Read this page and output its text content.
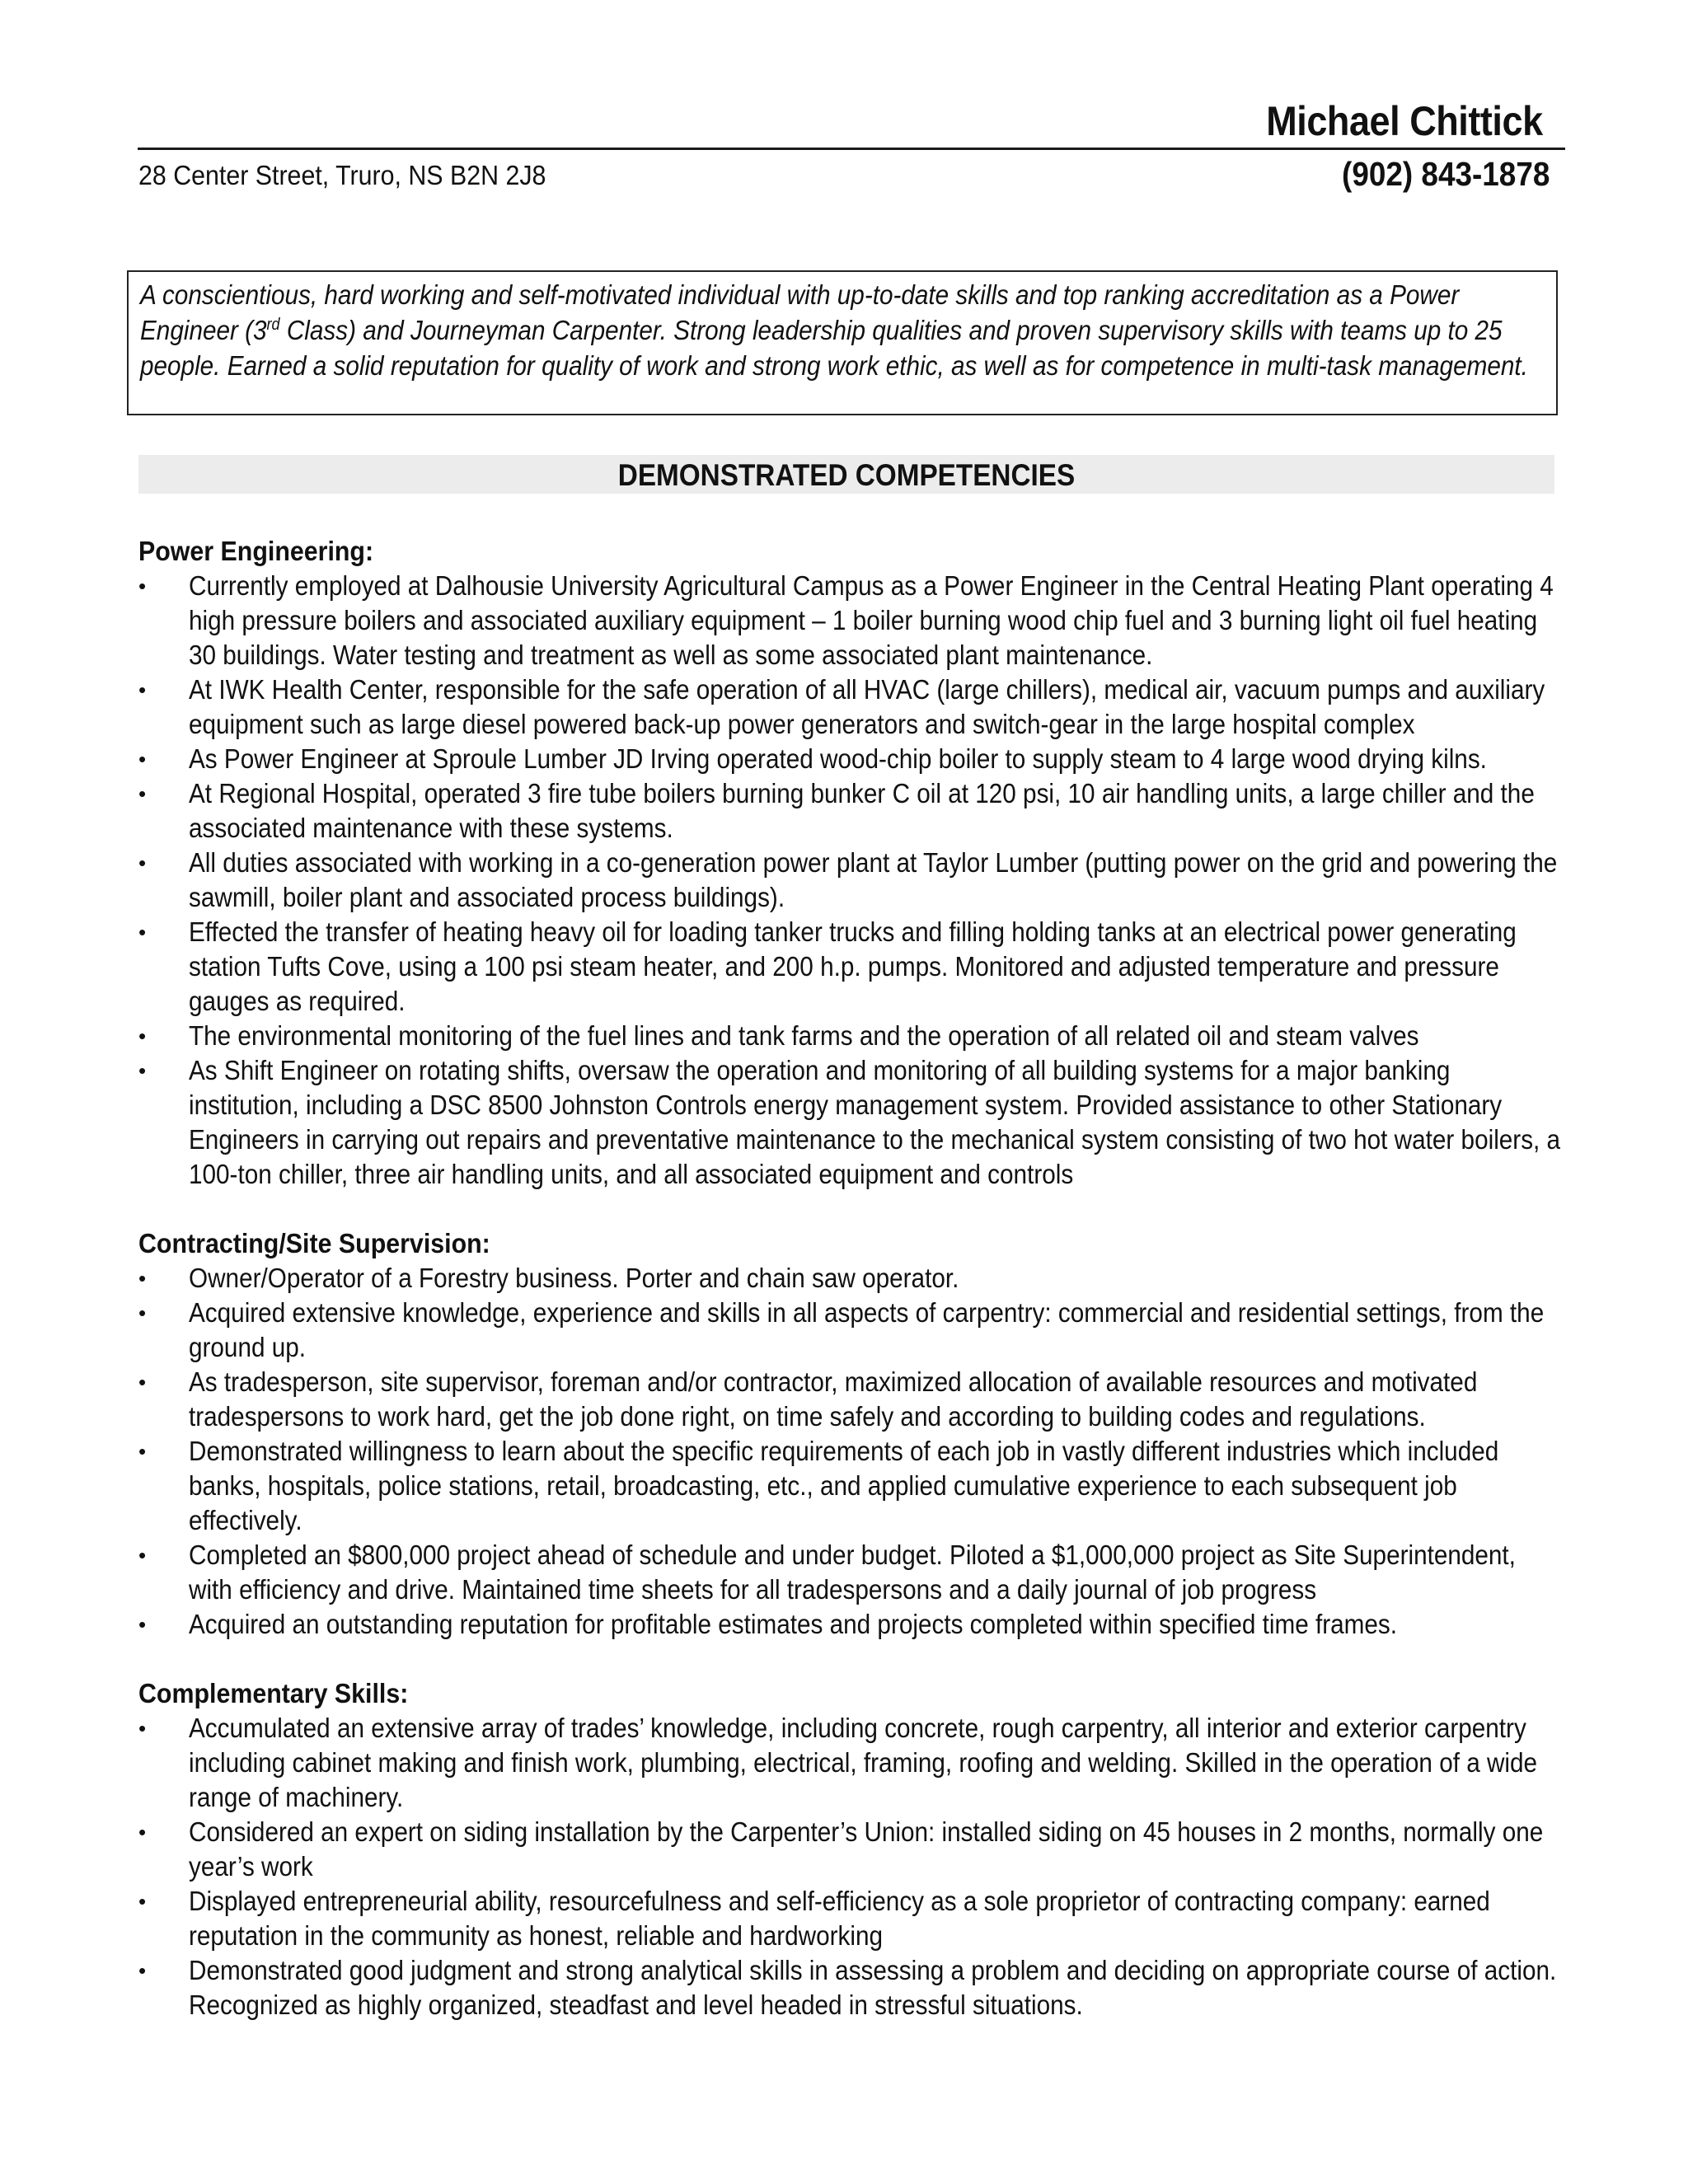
Michael Chittick
28 Center Street, Truro, NS B2N 2J8	(902) 843-1878
A conscientious, hard working and self-motivated individual with up-to-date skills and top ranking accreditation as a Power Engineer (3rd Class) and Journeyman Carpenter. Strong leadership qualities and proven supervisory skills with teams up to 25 people. Earned a solid reputation for quality of work and strong work ethic, as well as for competence in multi-task management.
DEMONSTRATED COMPETENCIES
Power Engineering:
• Currently employed at Dalhousie University Agricultural Campus as a Power Engineer in the Central Heating Plant operating 4 high pressure boilers and associated auxiliary equipment – 1 boiler burning wood chip fuel and 3 burning light oil fuel heating 30 buildings. Water testing and treatment as well as some associated plant maintenance.
• At IWK Health Center, responsible for the safe operation of all HVAC (large chillers), medical air, vacuum pumps and auxiliary equipment such as large diesel powered back-up power generators and switch-gear in the large hospital complex
• As Power Engineer at Sproule Lumber JD Irving operated wood-chip boiler to supply steam to 4 large wood drying kilns.
• At Regional Hospital, operated 3 fire tube boilers burning bunker C oil at 120 psi, 10 air handling units, a large chiller and the associated maintenance with these systems.
• All duties associated with working in a co-generation power plant at Taylor Lumber (putting power on the grid and powering the sawmill, boiler plant and associated process buildings).
• Effected the transfer of heating heavy oil for loading tanker trucks and filling holding tanks at an electrical power generating station Tufts Cove, using a 100 psi steam heater, and 200 h.p. pumps. Monitored and adjusted temperature and pressure gauges as required.
• The environmental monitoring of the fuel lines and tank farms and the operation of all related oil and steam valves
• As Shift Engineer on rotating shifts, oversaw the operation and monitoring of all building systems for a major banking institution, including a DSC 8500 Johnston Controls energy management system. Provided assistance to other Stationary Engineers in carrying out repairs and preventative maintenance to the mechanical system consisting of two hot water boilers, a 100-ton chiller, three air handling units, and all associated equipment and controls
Contracting/Site Supervision:
• Owner/Operator of a Forestry business. Porter and chain saw operator.
• Acquired extensive knowledge, experience and skills in all aspects of carpentry: commercial and residential settings, from the ground up.
• As tradesperson, site supervisor, foreman and/or contractor, maximized allocation of available resources and motivated tradespersons to work hard, get the job done right, on time safely and according to building codes and regulations.
• Demonstrated willingness to learn about the specific requirements of each job in vastly different industries which included banks, hospitals, police stations, retail, broadcasting, etc., and applied cumulative experience to each subsequent job effectively.
• Completed an $800,000 project ahead of schedule and under budget. Piloted a $1,000,000 project as Site Superintendent, with efficiency and drive. Maintained time sheets for all tradespersons and a daily journal of job progress
• Acquired an outstanding reputation for profitable estimates and projects completed within specified time frames.
Complementary Skills:
• Accumulated an extensive array of trades’ knowledge, including concrete, rough carpentry, all interior and exterior carpentry including cabinet making and finish work, plumbing, electrical, framing, roofing and welding. Skilled in the operation of a wide range of machinery.
• Considered an expert on siding installation by the Carpenter’s Union: installed siding on 45 houses in 2 months, normally one year’s work
• Displayed entrepreneurial ability, resourcefulness and self-efficiency as a sole proprietor of contracting company: earned reputation in the community as honest, reliable and hardworking
• Demonstrated good judgment and strong analytical skills in assessing a problem and deciding on appropriate course of action. Recognized as highly organized, steadfast and level headed in stressful situations.
